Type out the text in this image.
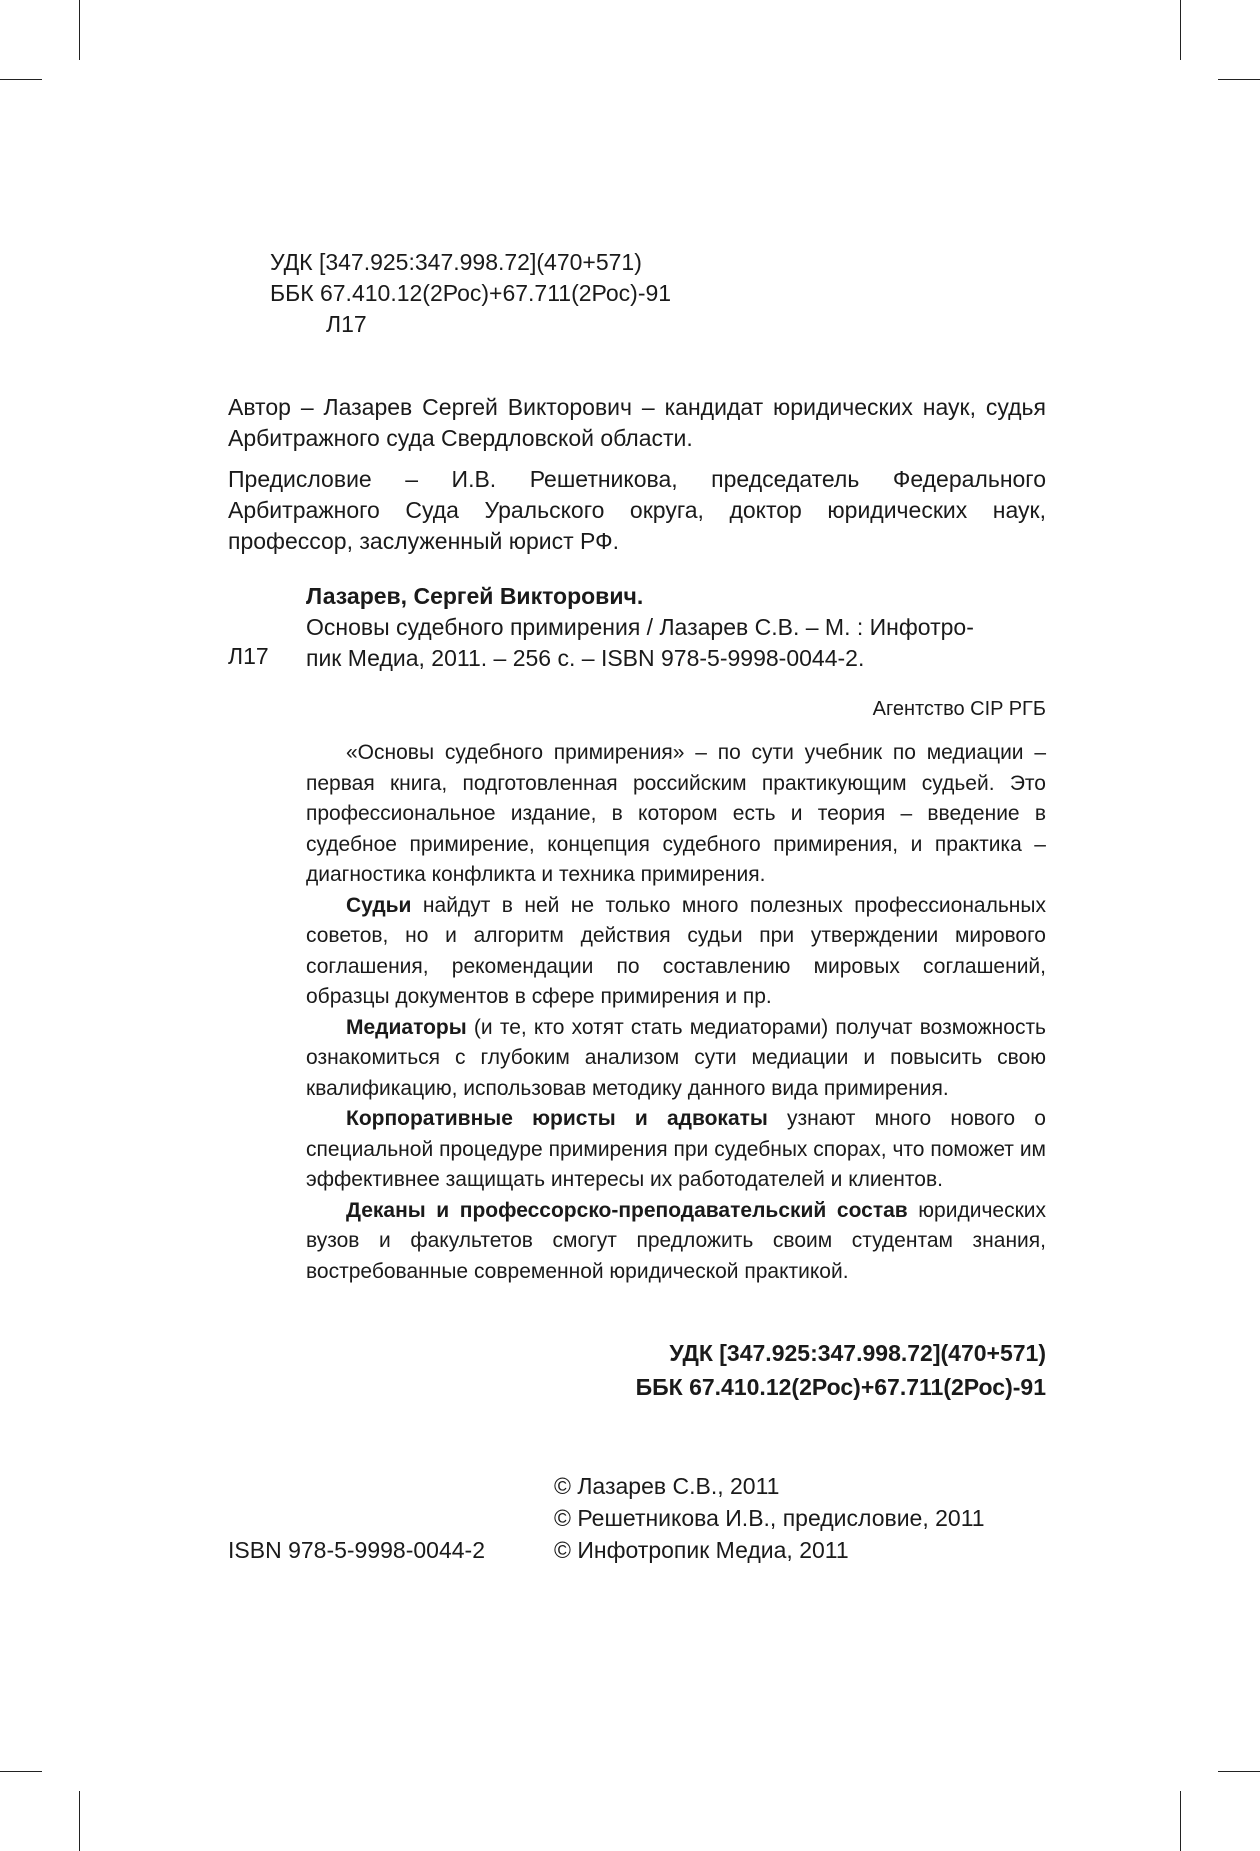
УДК [347.925:347.998.72](470+571)
ББК 67.410.12(2Рос)+67.711(2Рос)-91
Л17

Автор – Лазарев Сергей Викторович – кандидат юридических наук, судья Арбитражного суда Свердловской области.

Предисловие – И.В. Решетникова, председатель Федерального Арбитражного Суда Уральского округа, доктор юридических наук, профессор, заслуженный юрист РФ.

Лазарев, Сергей Викторович.
Л17
Основы судебного примирения / Лазарев С.В. – М. : Инфотро-
пик Медиа, 2011. – 256 с. – ISBN 978-5-9998-0044-2.
Агентство CIP РГБ

«Основы судебного примирения» – по сути учебник по медиации – первая книга, подготовленная российским практикующим судьей. Это профессиональное издание, в котором есть и теория – введение в судебное примирение, концепция судебного примирения, и практика – диагностика конфликта и техника примирения.

Судьи найдут в ней не только много полезных профессиональных советов, но и алгоритм действия судьи при утверждении мирового соглашения, рекомендации по составлению мировых соглашений, образцы документов в сфере примирения и пр.

Медиаторы (и те, кто хотят стать медиаторами) получат возможность ознакомиться с глубоким анализом сути медиации и повысить свою квалификацию, использовав методику данного вида примирения.

Корпоративные юристы и адвокаты узнают много нового о специальной процедуре примирения при судебных спорах, что поможет им эффективнее защищать интересы их работодателей и клиентов.

Деканы и профессорско-преподавательский состав юридических вузов и факультетов смогут предложить своим студентам знания, востребованные современной юридической практикой.

УДК [347.925:347.998.72](470+571)
ББК 67.410.12(2Рос)+67.711(2Рос)-91
© Лазарев С.В., 2011
© Решетникова И.В., предисловие, 2011
© Инфотропик Медиа, 2011
ISBN 978-5-9998-0044-2
